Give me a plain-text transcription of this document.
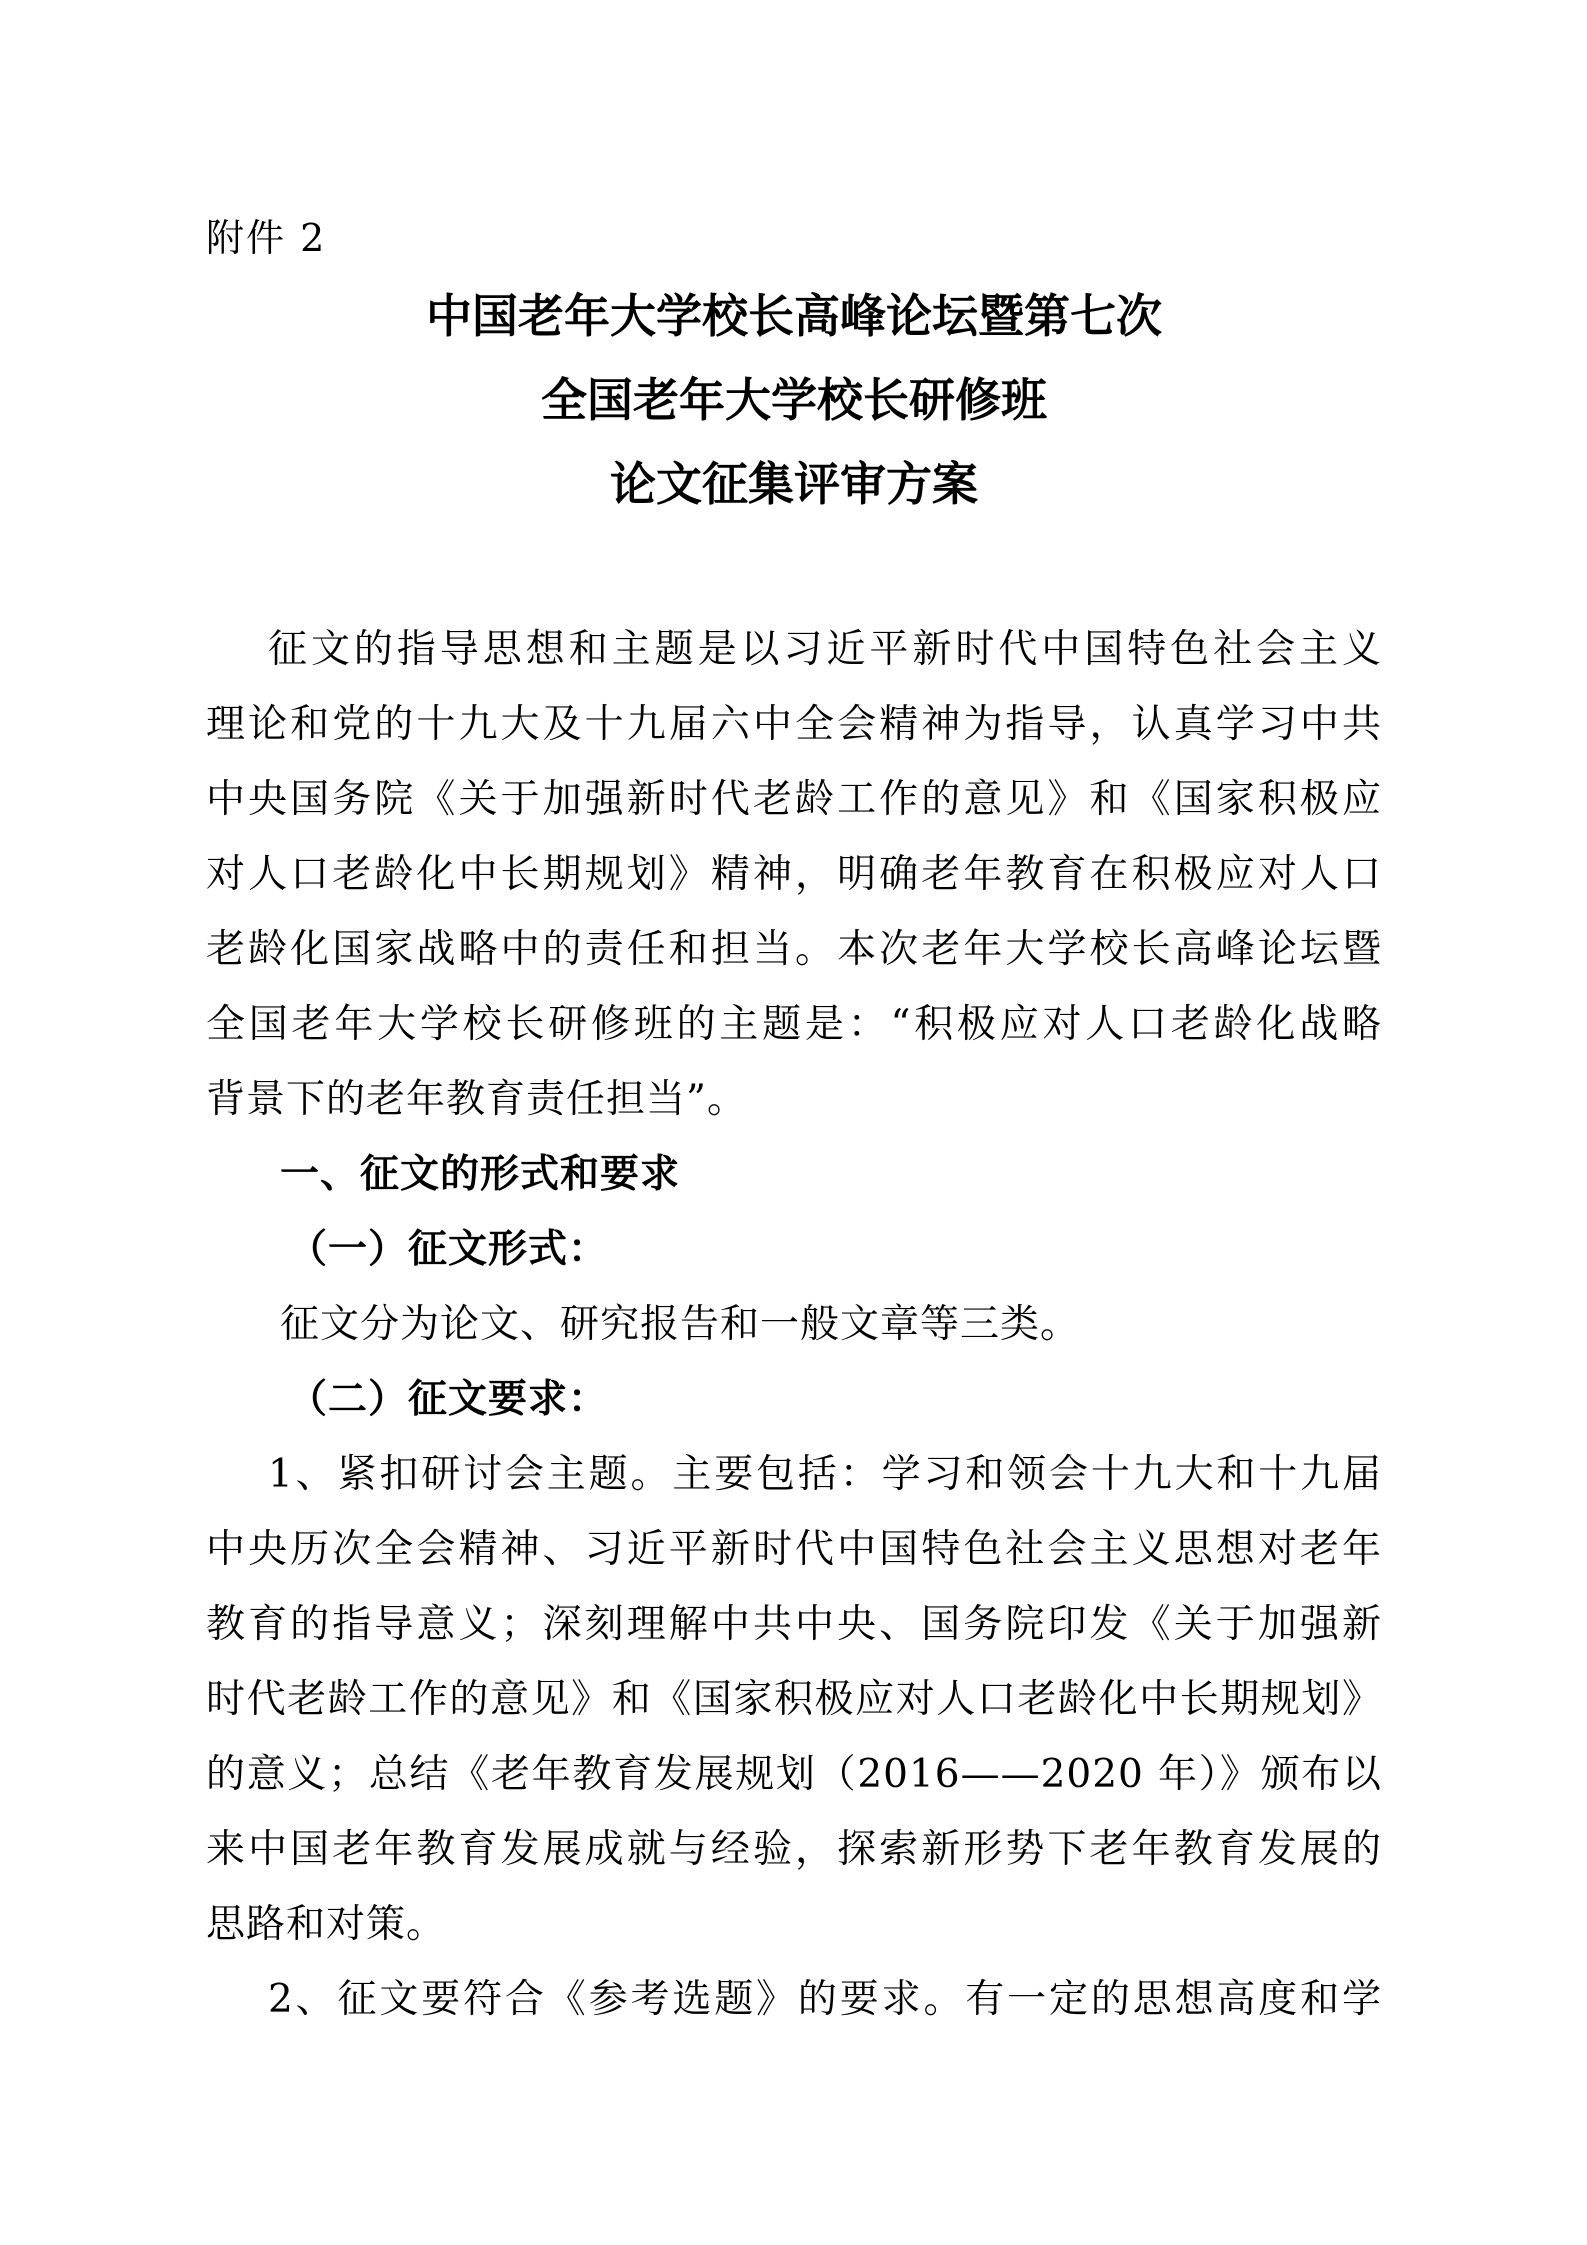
附件 2
中国老年大学校长高峰论坛暨第七次
全国老年大学校长研修班
论文征集评审方案
征文的指导思想和主题是以习近平新时代中国特色社会主义
理论和党的十九大及十九届六中全会精神为指导，认真学习中共
中央国务院《关于加强新时代老龄工作的意见》和《国家积极应
对人口老龄化中长期规划》精神，明确老年教育在积极应对人口
老龄化国家战略中的责任和担当。本次老年大学校长高峰论坛暨
全国老年大学校长研修班的主题是：“积极应对人口老龄化战略
背景下的老年教育责任担当”。
一、征文的形式和要求
（一）征文形式：
征文分为论文、研究报告和一般文章等三类。
（二）征文要求：
1、紧扣研讨会主题。主要包括：学习和领会十九大和十九届
中央历次全会精神、习近平新时代中国特色社会主义思想对老年
教育的指导意义；深刻理解中共中央、国务院印发《关于加强新
时代老龄工作的意见》和《国家积极应对人口老龄化中长期规划》
的意义；总结《老年教育发展规划（2016——2020 年）》颁布以
来中国老年教育发展成就与经验，探索新形势下老年教育发展的
思路和对策。
2、征文要符合《参考选题》的要求。有一定的思想高度和学
